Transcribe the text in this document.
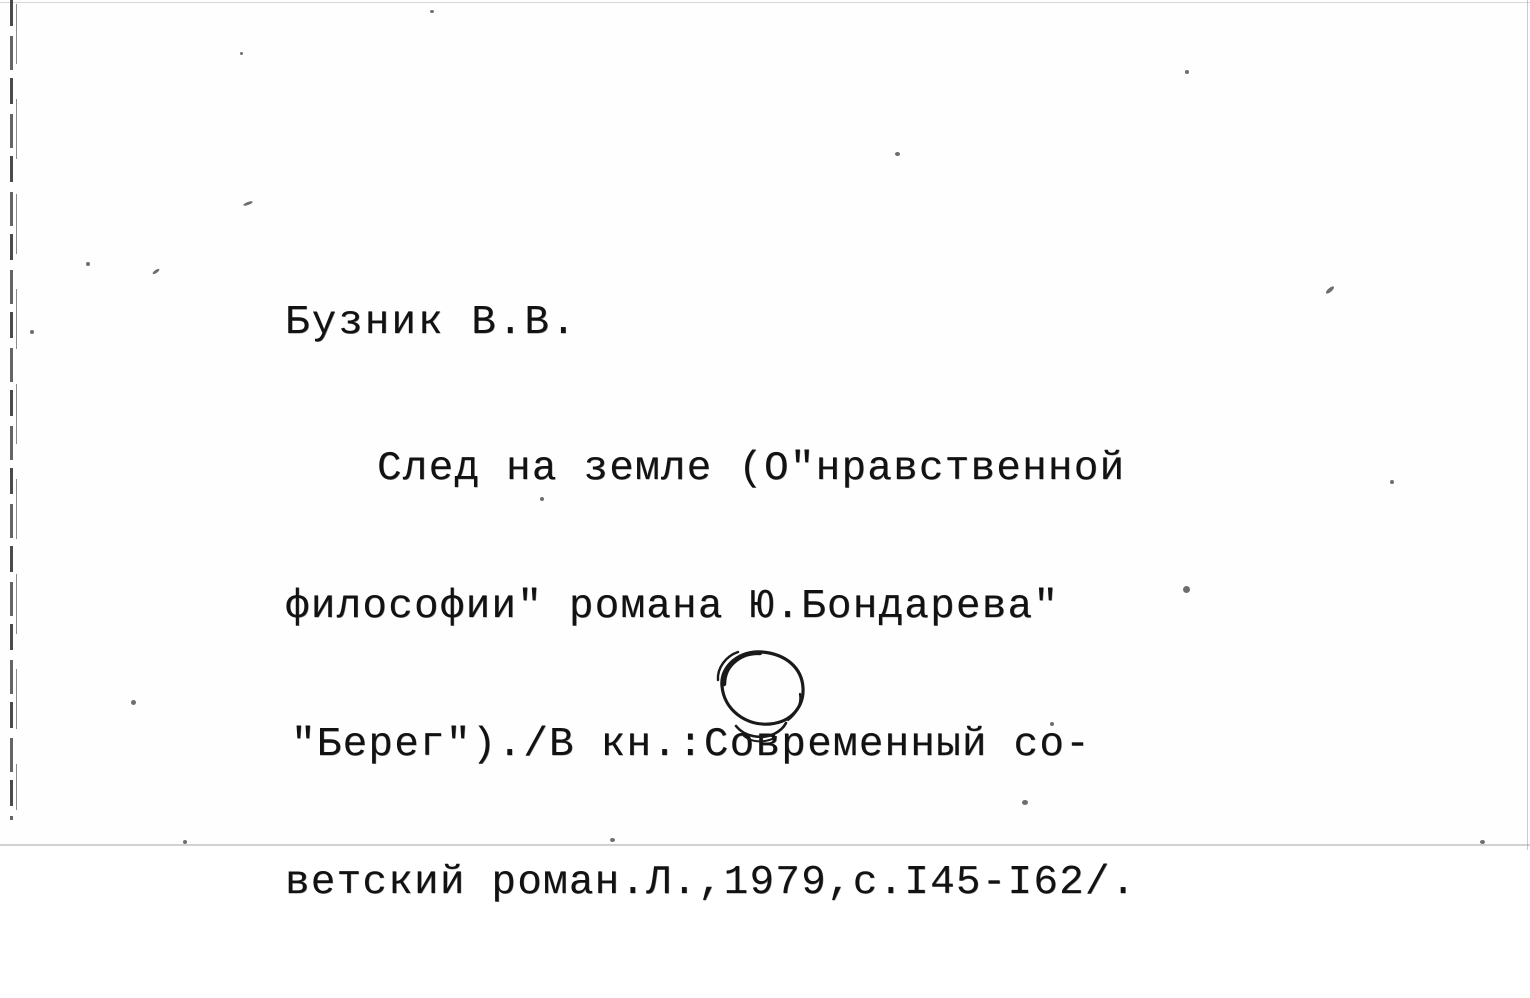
Бузник В.В.

След на земле (О"нравственной

философии" романа Ю.Бондарева"

"Берег")./В кн.:Современный со-

ветский роман.Л.,1979,с.I45-I62/.
